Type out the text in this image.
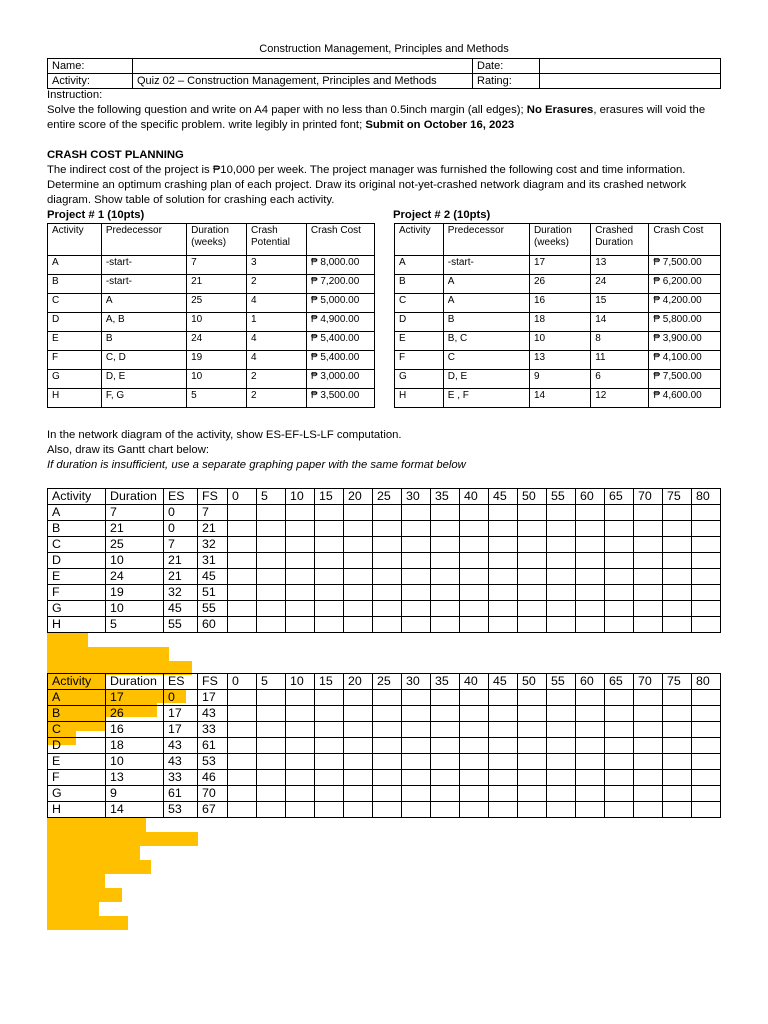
Construction Management, Principles and Methods
Name:		Date:	
Activity:	Quiz 02 – Construction Management, Principles and Methods	Rating:	
Instruction:
Solve the following question and write on A4 paper with no less than 0.5inch margin (all edges); No Erasures, erasures will void the entire score of the specific problem. write legibly in printed font; Submit on October 16, 2023
CRASH COST PLANNING
The indirect cost of the project is ₱10,000 per week. The project manager was furnished the following cost and time information. Determine an optimum crashing plan of each project. Draw its original not-yet-crashed network diagram and its crashed network diagram. Show table of solution for crashing each activity.
Project # 1 (10pts)	Project # 2 (10pts)
Activity	Predecessor	Duration (weeks)	Crash Potential	Crash Cost
A	-start-	7	3	₱ 8,000.00
B	-start-	21	2	₱ 7,200.00
C	A	25	4	₱ 5,000.00
D	A, B	10	1	₱ 4,900.00
E	B	24	4	₱ 5,400.00
F	C, D	19	4	₱ 5,400.00
G	D, E	10	2	₱ 3,000.00
H	F, G	5	2	₱ 3,500.00
Activity	Predecessor	Duration (weeks)	Crashed Duration	Crash Cost
A	-start-	17	13	₱ 7,500.00
B	A	26	24	₱ 6,200.00
C	A	16	15	₱ 4,200.00
D	B	18	14	₱ 5,800.00
E	B, C	10	8	₱ 3,900.00
F	C	13	11	₱ 4,100.00
G	D, E	9	6	₱ 7,500.00
H	E , F	14	12	₱ 4,600.00
In the network diagram of the activity, show ES-EF-LS-LF computation.
Also, draw its Gantt chart below:
If duration is insufficient, use a separate graphing paper with the same format below
Activity	Duration	ES	FS	0	5	10	15	20	25	30	35	40	45	50	55	60	65	70	75	80
A	7	0	7																	
B	21	0	21																	
C	25	7	32																	
D	10	21	31																	
E	24	21	45																	
F	19	32	51																	
G	10	45	55																	
H	5	55	60																	
Activity	Duration	ES	FS	0	5	10	15	20	25	30	35	40	45	50	55	60	65	70	75	80
A	17	0	17																	
B	26	17	43																	
C	16	17	33																	
D	18	43	61																	
E	10	43	53																	
F	13	33	46																	
G	9	61	70																	
H	14	53	67																	
